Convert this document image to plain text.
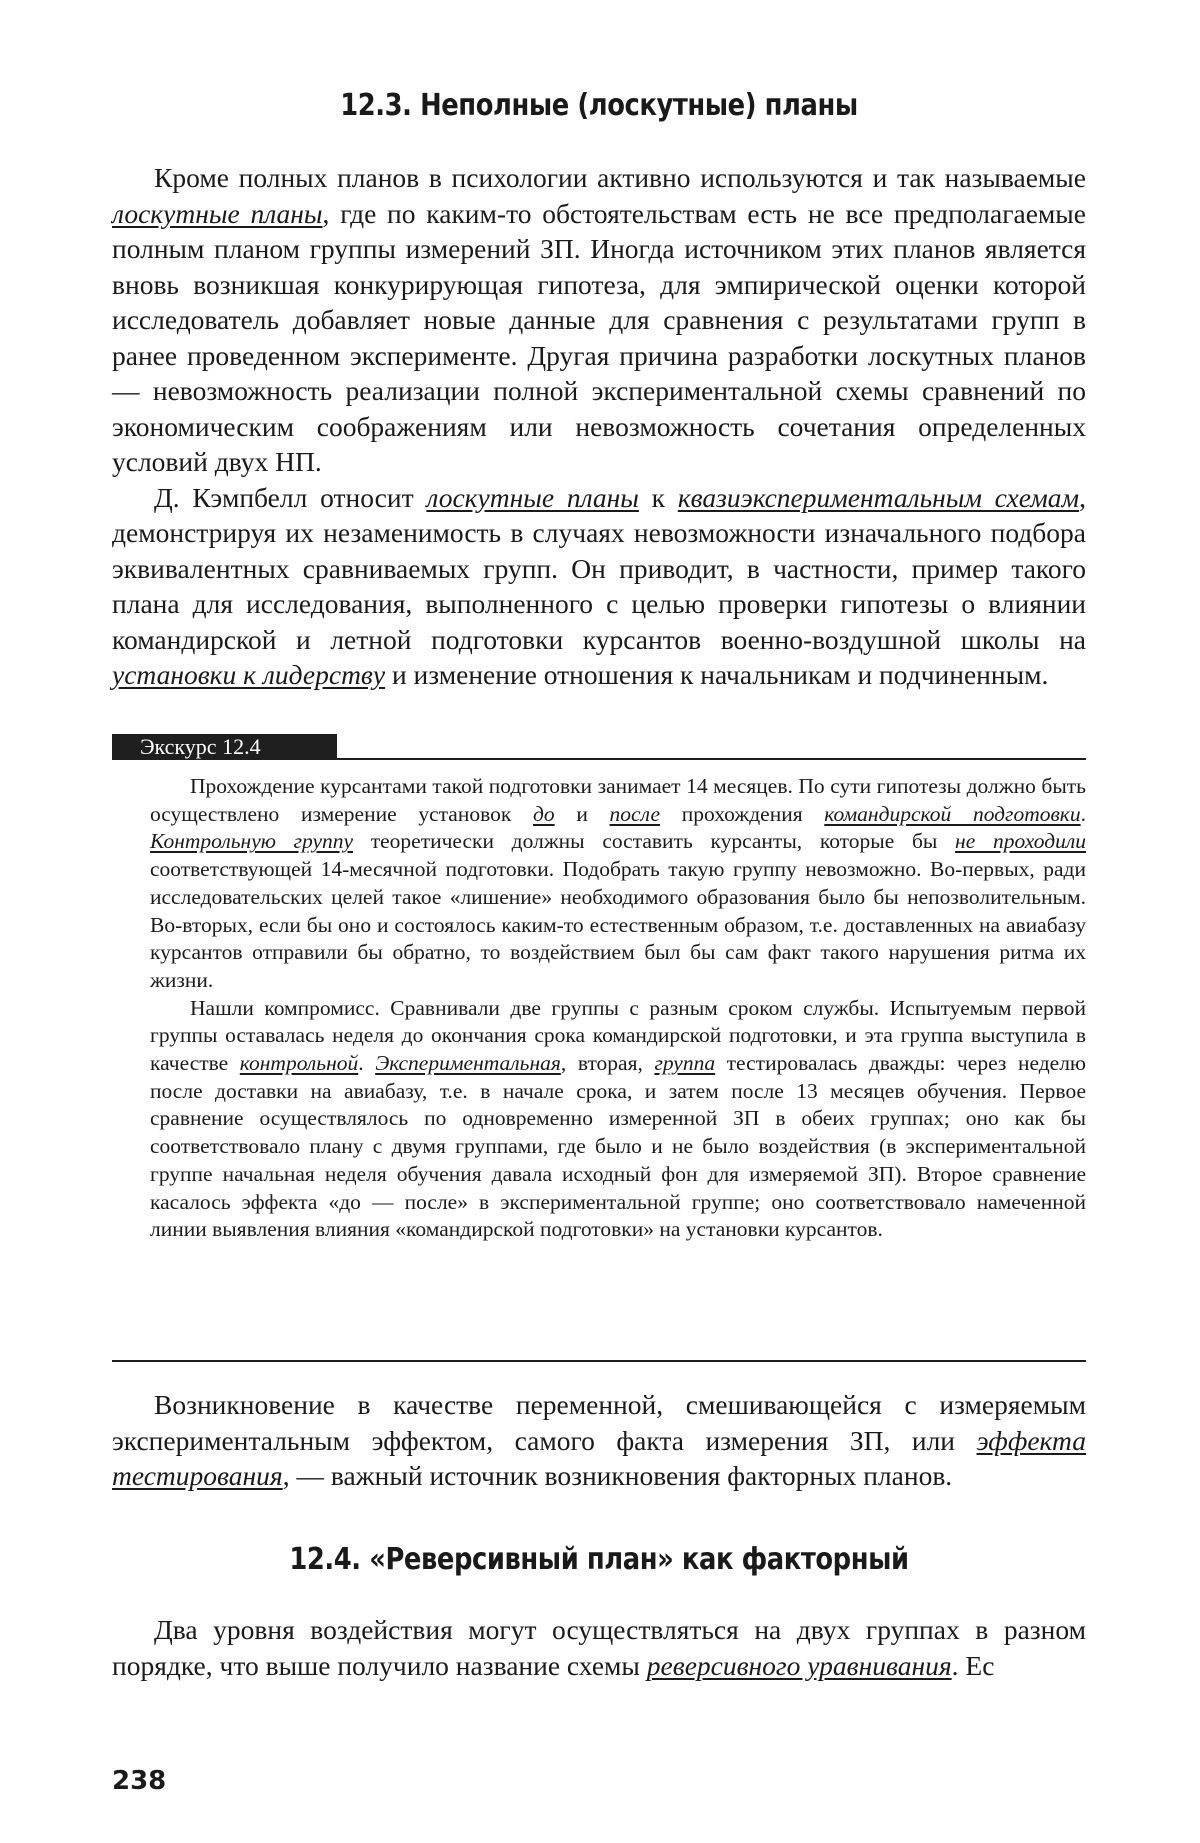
12.3. Неполные (лоскутные) планы

Кроме полных планов в психологии активно используются и так называемые лоскутные планы, где по каким-то обстоятельствам есть не все предполагаемые полным планом группы измерений ЗП. Иногда источником этих планов является вновь возникшая конкурирующая гипотеза, для эмпирической оценки которой исследователь добавляет новые данные для сравнения с результатами групп в ранее проведенном эксперименте. Другая причина разработки лоскутных планов — невозможность реализации полной экспериментальной схемы сравнений по экономическим соображениям или невозможность сочетания определенных условий двух НП.

Д. Кэмпбелл относит лоскутные планы к квазиэкспериментальным схемам, демонстрируя их незаменимость в случаях невозможности изначального подбора эквивалентных сравниваемых групп. Он приводит, в частности, пример такого плана для исследования, выполненного с целью проверки гипотезы о влиянии командирской и летной подготовки курсантов военно-воздушной школы на установки к лидерству и изменение отношения к начальникам и подчиненным.

Экскурс 12.4

Прохождение курсантами такой подготовки занимает 14 месяцев. По сути гипотезы должно быть осуществлено измерение установок до и после прохождения командирской подготовки. Контрольную группу теоретически должны составить курсанты, которые бы не проходили соответствующей 14-месячной подготовки. Подобрать такую группу невозможно. Во-первых, ради исследовательских целей такое «лишение» необходимого образования было бы непозволительным. Во-вторых, если бы оно и состоялось каким-то естественным образом, т.е. доставленных на авиабазу курсантов отправили бы обратно, то воздействием был бы сам факт такого нарушения ритма их жизни.

Нашли компромисс. Сравнивали две группы с разным сроком службы. Испытуемым первой группы оставалась неделя до окончания срока командирской подготовки, и эта группа выступила в качестве контрольной. Экспериментальная, вторая, группа тестировалась дважды: через неделю после доставки на авиабазу, т.е. в начале срока, и затем после 13 месяцев обучения. Первое сравнение осуществлялось по одновременно измеренной ЗП в обеих группах; оно как бы соответствовало плану с двумя группами, где было и не было воздействия (в экспериментальной группе начальная неделя обучения давала исходный фон для измеряемой ЗП). Второе сравнение касалось эффекта «до — после» в экспериментальной группе; оно соответствовало намеченной линии выявления влияния «командирской подготовки» на установки курсантов.

Возникновение в качестве переменной, смешивающейся с измеряемым экспериментальным эффектом, самого факта измерения ЗП, или эффекта тестирования, — важный источник возникновения факторных планов.

12.4. «Реверсивный план» как факторный

Два уровня воздействия могут осуществляться на двух группах в разном порядке, что выше получило название схемы реверсивного уравнивания. Ес

238
